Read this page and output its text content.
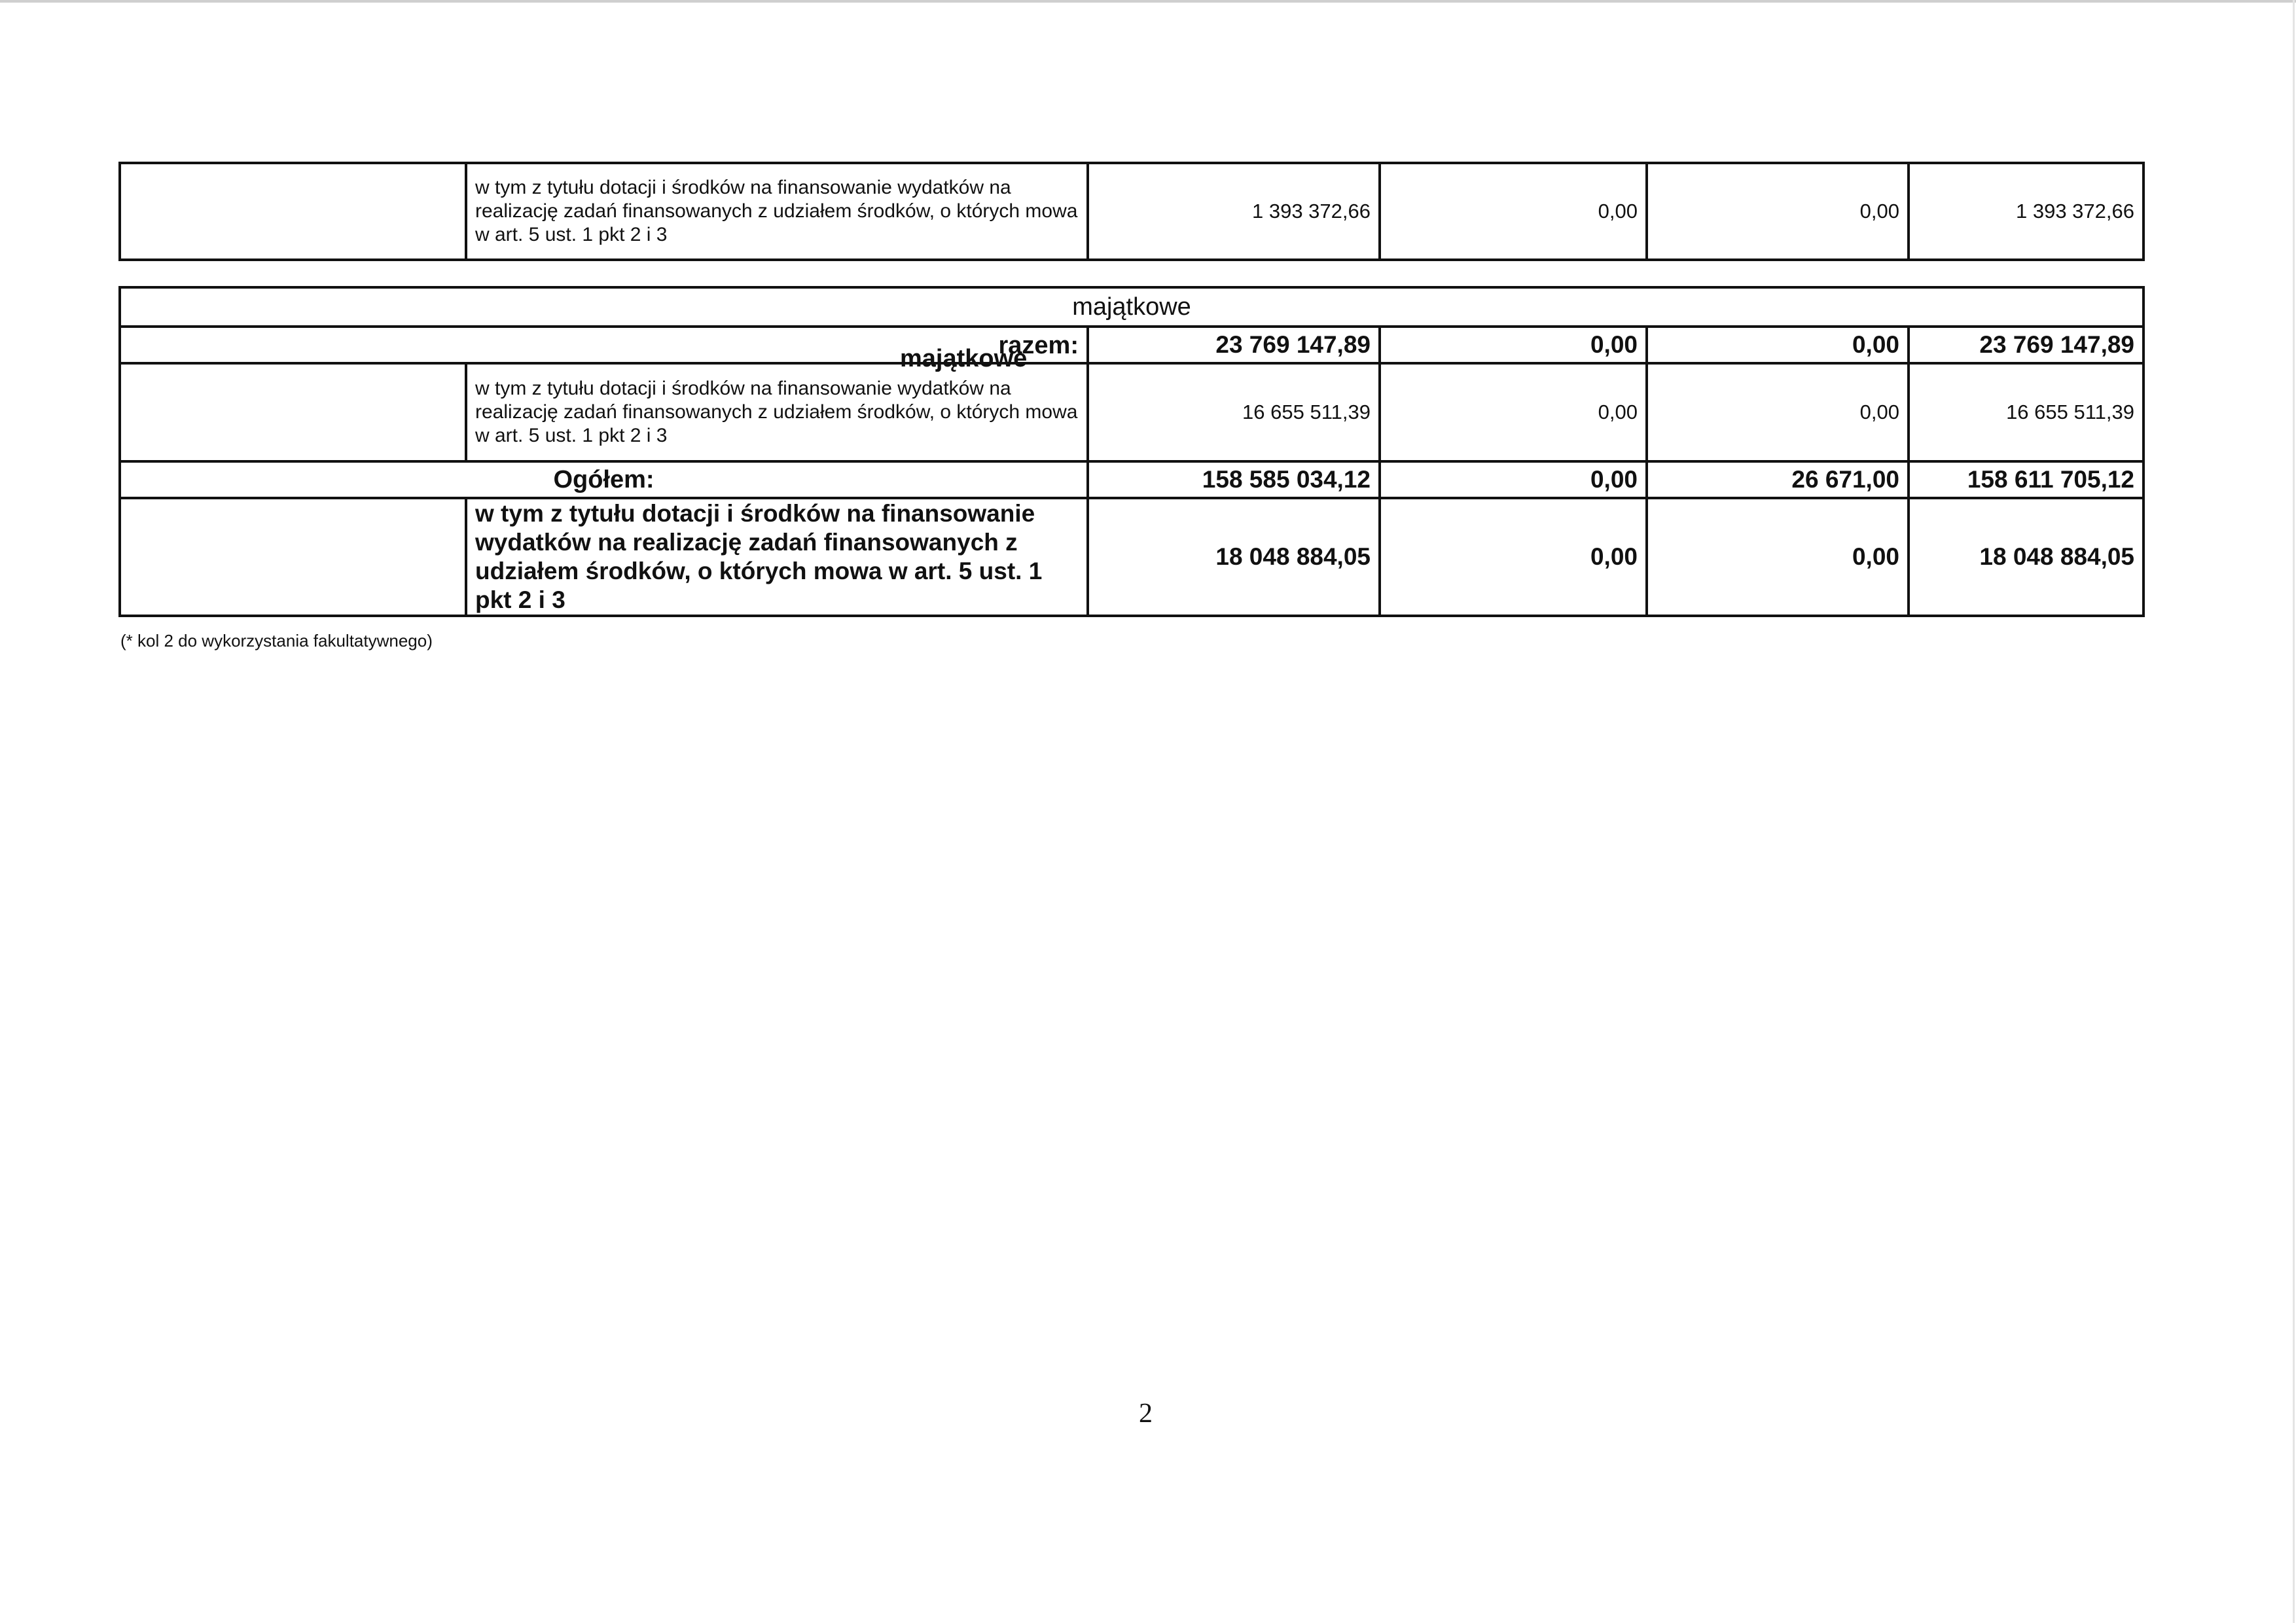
	w tym z tytułu dotacji i środków na finansowanie wydatków na realizację zadań finansowanych z udziałem środków, o których mowa w art. 5 ust. 1 pkt 2 i 3	1 393 372,66	0,00	0,00	1 393 372,66
majątkowe					

majątkowe
razem:		23 769 147,89	0,00	0,00	23 769 147,89
	w tym z tytułu dotacji i środków na finansowanie wydatków na realizację zadań finansowanych z udziałem środków, o których mowa w art. 5 ust. 1 pkt 2 i 3	16 655 511,39	0,00	0,00	16 655 511,39
Ogółem:		158 585 034,12	0,00	26 671,00	158 611 705,12
	w tym z tytułu dotacji i środków na finansowanie wydatków na realizację zadań finansowanych z udziałem środków, o których mowa w art. 5 ust. 1 pkt 2 i 3	18 048 884,05	0,00	0,00	18 048 884,05
(* kol 2 do wykorzystania fakultatywnego)
2
